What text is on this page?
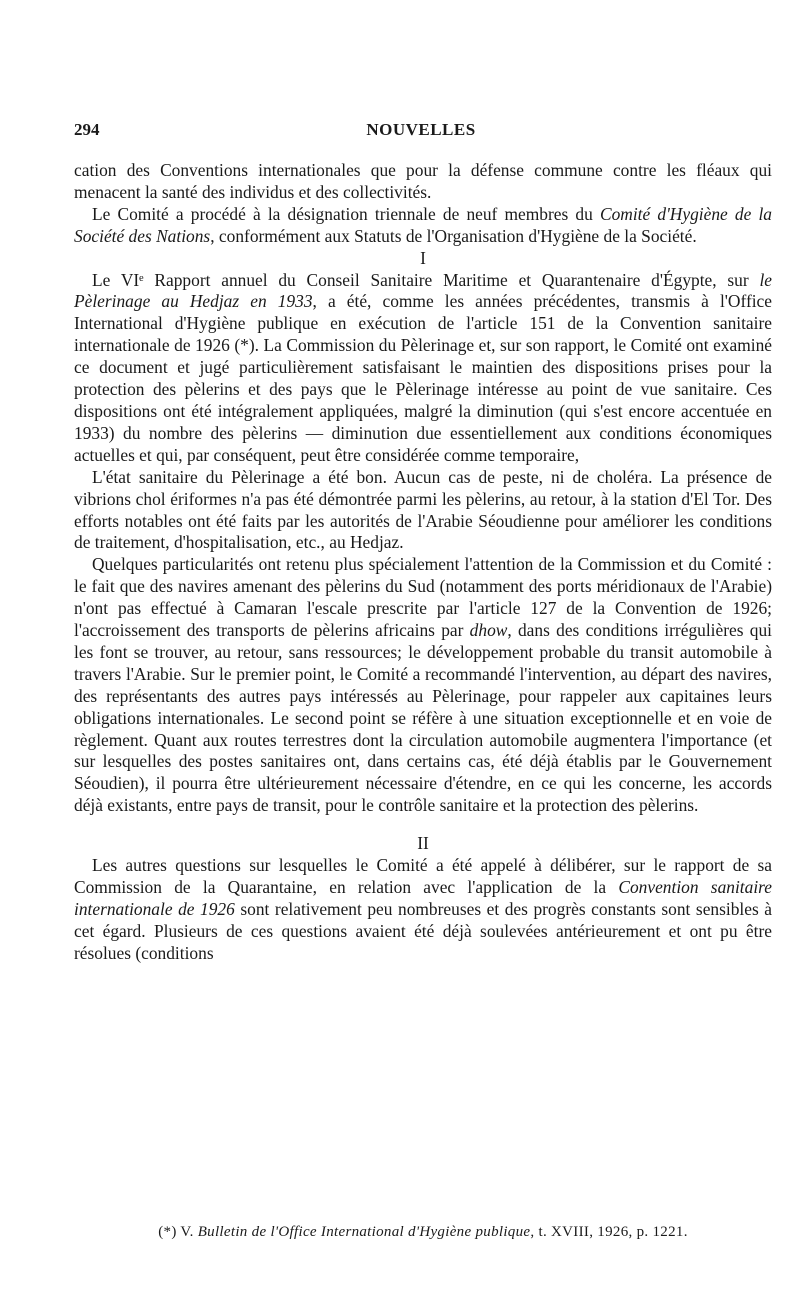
294	NOUVELLES

cation des Conventions internationales que pour la défense commune contre les fléaux qui menacent la santé des individus et des collectivités.

Le Comité a procédé à la désignation triennale de neuf membres du Comité d'Hygiène de la Société des Nations, conformément aux Statuts de l'Organisation d'Hygiène de la Société.

I

Le VIᵉ Rapport annuel du Conseil Sanitaire Maritime et Quarantenaire d'Égypte, sur le Pèlerinage au Hedjaz en 1933, a été, comme les années précédentes, transmis à l'Office International d'Hygiène publique en exécution de l'article 151 de la Convention sanitaire internationale de 1926 (*). La Commission du Pèlerinage et, sur son rapport, le Comité ont examiné ce document et jugé particulièrement satisfaisant le maintien des dispositions prises pour la protection des pèlerins et des pays que le Pèlerinage intéresse au point de vue sanitaire. Ces dispositions ont été intégralement appliquées, malgré la diminution (qui s'est encore accentuée en 1933) du nombre des pèlerins — diminution due essentiellement aux conditions économiques actuelles et qui, par conséquent, peut être considérée comme temporaire,

L'état sanitaire du Pèlerinage a été bon. Aucun cas de peste, ni de choléra. La présence de vibrions chol ériformes n'a pas été démontrée parmi les pèlerins, au retour, à la station d'El Tor. Des efforts notables ont été faits par les autorités de l'Arabie Séoudienne pour améliorer les conditions de traitement, d'hospitalisation, etc., au Hedjaz.

Quelques particularités ont retenu plus spécialement l'attention de la Commission et du Comité : le fait que des navires amenant des pèlerins du Sud (notamment des ports méridionaux de l'Arabie) n'ont pas effectué à Camaran l'escale prescrite par l'article 127 de la Convention de 1926; l'accroissement des transports de pèlerins africains par dhow, dans des conditions irrégulières qui les font se trouver, au retour, sans ressources; le développement probable du transit automobile à travers l'Arabie. Sur le premier point, le Comité a recommandé l'intervention, au départ des navires, des représentants des autres pays intéressés au Pèlerinage, pour rappeler aux capitaines leurs obligations internationales. Le second point se réfère à une situation exceptionnelle et en voie de règlement. Quant aux routes terrestres dont la circulation automobile augmentera l'importance (et sur lesquelles des postes sanitaires ont, dans certains cas, été déjà établis par le Gouvernement Séoudien), il pourra être ultérieurement nécessaire d'étendre, en ce qui les concerne, les accords déjà existants, entre pays de transit, pour le contrôle sanitaire et la protection des pèlerins.

II

Les autres questions sur lesquelles le Comité a été appelé à délibérer, sur le rapport de sa Commission de la Quarantaine, en relation avec l'application de la Convention sanitaire internationale de 1926 sont relativement peu nombreuses et des progrès constants sont sensibles à cet égard. Plusieurs de ces questions avaient été déjà soulevées antérieurement et ont pu être résolues (conditions

(*) V. Bulletin de l'Office International d'Hygiène publique, t. XVIII, 1926, p. 1221.
